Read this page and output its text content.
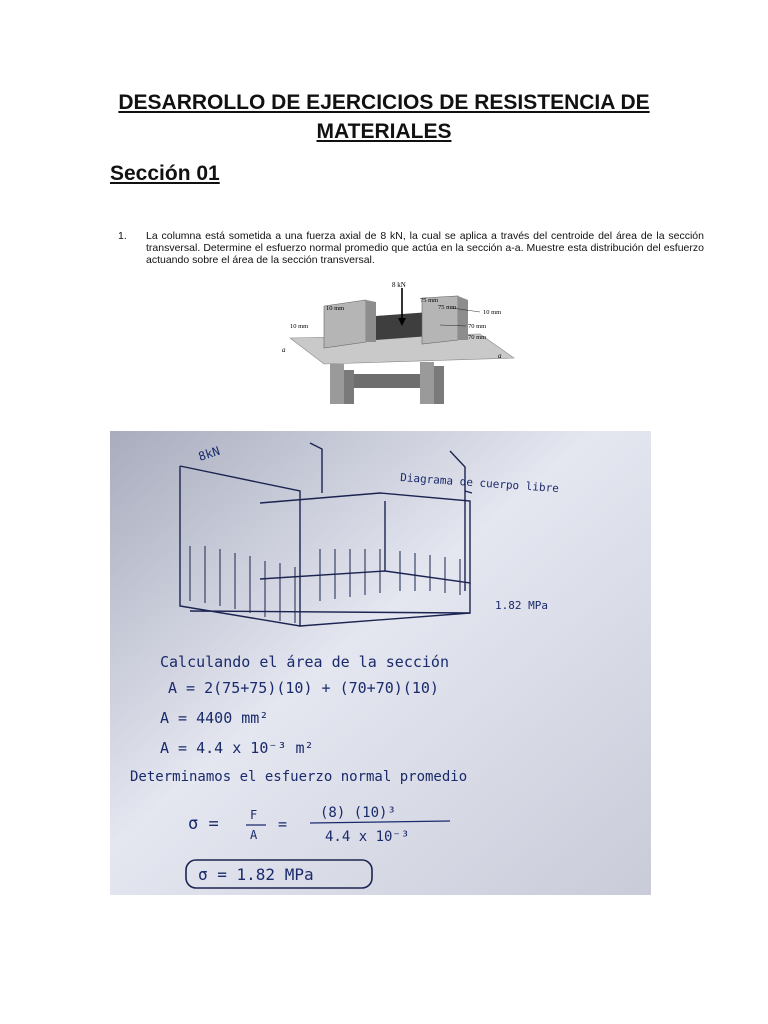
DESARROLLO DE EJERCICIOS DE RESISTENCIA DE
MATERIALES
Sección 01
1.	La columna está sometida a una fuerza axial de 8 kN, la cual se aplica a través del centroide del área de la sección transversal. Determine el esfuerzo normal promedio que actúa en la sección a-a. Muestre esta distribución del esfuerzo actuando sobre el área de la sección transversal.
8 kN
75 mm
75 mm
10 mm
10 mm
10 mm	70 mm
70 mm
a
a
8kN
Diagrama de cuerpo libre
1.82 MPa
Calculando el área de la sección
A = 2(75+75)(10) + (70+70)(10)
A = 4400 mm²
A = 4.4 x 10⁻³ m²
Determinamos el esfuerzo normal promedio
σ =	F
A
=
(8) (10)³
4.4 x 10⁻³
σ = 1.82 MPa
